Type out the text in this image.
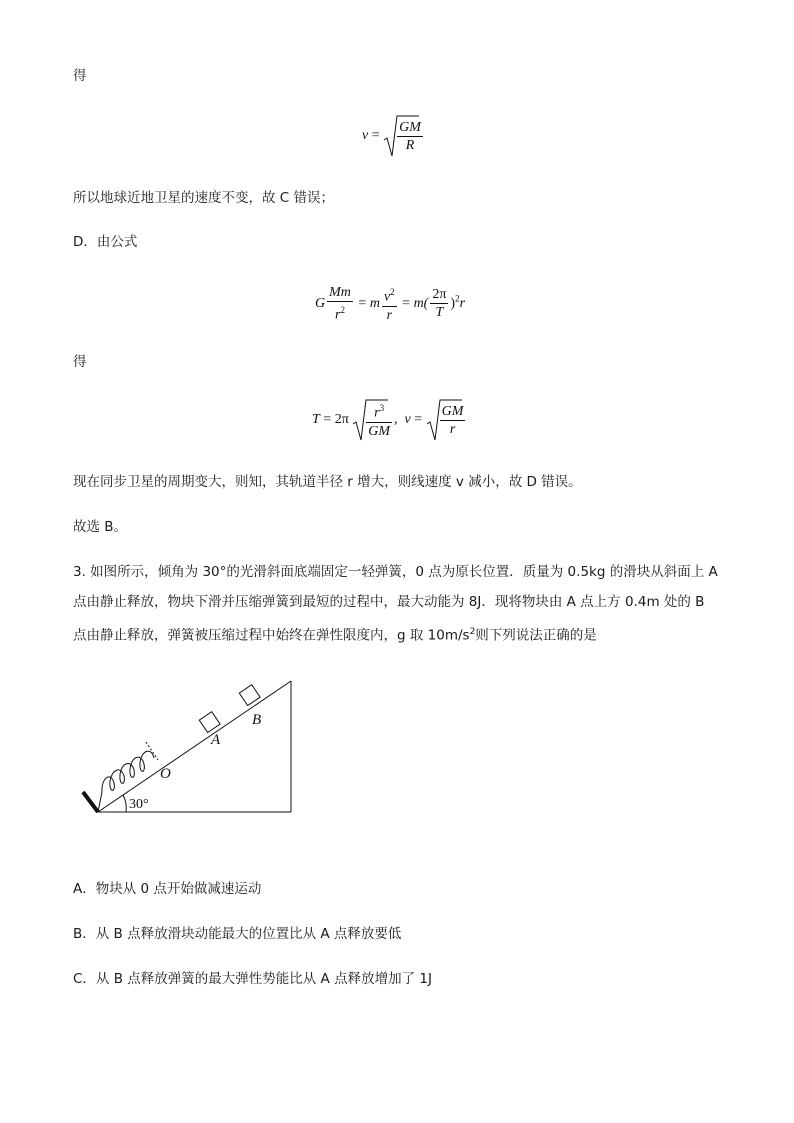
得
$v = \frac{GM}{R}$
所以地球近地卫星的速度不变，故 C 错误；
D．由公式
G $\frac{Mm}{r^2} = m \frac{v^2}{r} = m( \frac{2\pi}{T} )^2r$
得
$T = 2\pi \frac{r^3}{GM}$ , $v = \frac{GM}{r}$
现在同步卫星的周期变大，则知，其轨道半径 r 增大，则线速度 v 减小，故 D 错误。
故选 B。
3. 如图所示，倾角为 30°的光滑斜面底端固定一轻弹簧，0 点为原长位置．质量为 0.5kg 的滑块从斜面上 A
点由静止释放，物块下滑并压缩弹簧到最短的过程中，最大动能为 8J．现将物块由 A 点上方 0.4m 处的 B
点由静止释放，弹簧被压缩过程中始终在弹性限度内，g 取 $10m/s^2$则下列说法正确的是
B
A
O
30°
A．物块从 0 点开始做减速运动
B．从 B 点释放滑块动能最大的位置比从 A 点释放要低
C．从 B 点释放弹簧的最大弹性势能比从 A 点释放增加了 1J
